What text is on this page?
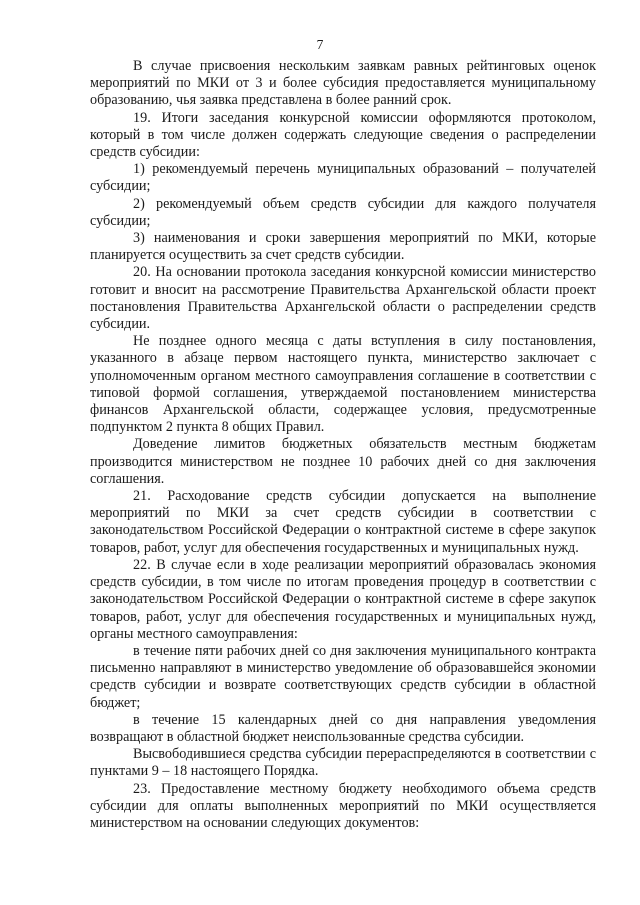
7

В случае присвоения нескольким заявкам равных рейтинговых оценок мероприятий по МКИ от 3 и более субсидия предоставляется муниципальному образованию, чья заявка представлена в более ранний срок.

19. Итоги заседания конкурсной комиссии оформляются протоколом, который в том числе должен содержать следующие сведения о распределении средств субсидии:

1) рекомендуемый перечень муниципальных образований – получателей субсидии;

2) рекомендуемый объем средств субсидии для каждого получателя субсидии;

3) наименования и сроки завершения мероприятий по МКИ, которые планируется осуществить за счет средств субсидии.

20. На основании протокола заседания конкурсной комиссии министерство готовит и вносит на рассмотрение Правительства Архангельской области проект постановления Правительства Архангельской области о распределении средств субсидии.

Не позднее одного месяца с даты вступления в силу постановления, указанного в абзаце первом настоящего пункта, министерство заключает с уполномоченным органом местного самоуправления соглашение в соответствии с типовой формой соглашения, утверждаемой постановлением министерства финансов Архангельской области, содержащее условия, предусмотренные подпунктом 2 пункта 8 общих Правил.

Доведение лимитов бюджетных обязательств местным бюджетам производится министерством не позднее 10 рабочих дней со дня заключения соглашения.

21. Расходование средств субсидии допускается на выполнение мероприятий по МКИ за счет средств субсидии в соответствии с законодательством Российской Федерации о контрактной системе в сфере закупок товаров, работ, услуг для обеспечения государственных и муниципальных нужд.

22. В случае если в ходе реализации мероприятий образовалась экономия средств субсидии, в том числе по итогам проведения процедур в соответствии с законодательством Российской Федерации о контрактной системе в сфере закупок товаров, работ, услуг для обеспечения государственных и муниципальных нужд, органы местного самоуправления:

в течение пяти рабочих дней со дня заключения муниципального контракта письменно направляют в министерство уведомление об образовавшейся экономии средств субсидии и возврате соответствующих средств субсидии в областной бюджет;

в течение 15 календарных дней со дня направления уведомления возвращают в областной бюджет неиспользованные средства субсидии.

Высвободившиеся средства субсидии перераспределяются в соответствии с пунктами 9 – 18 настоящего Порядка.

23. Предоставление местному бюджету необходимого объема средств субсидии для оплаты выполненных мероприятий по МКИ осуществляется министерством на основании следующих документов:
